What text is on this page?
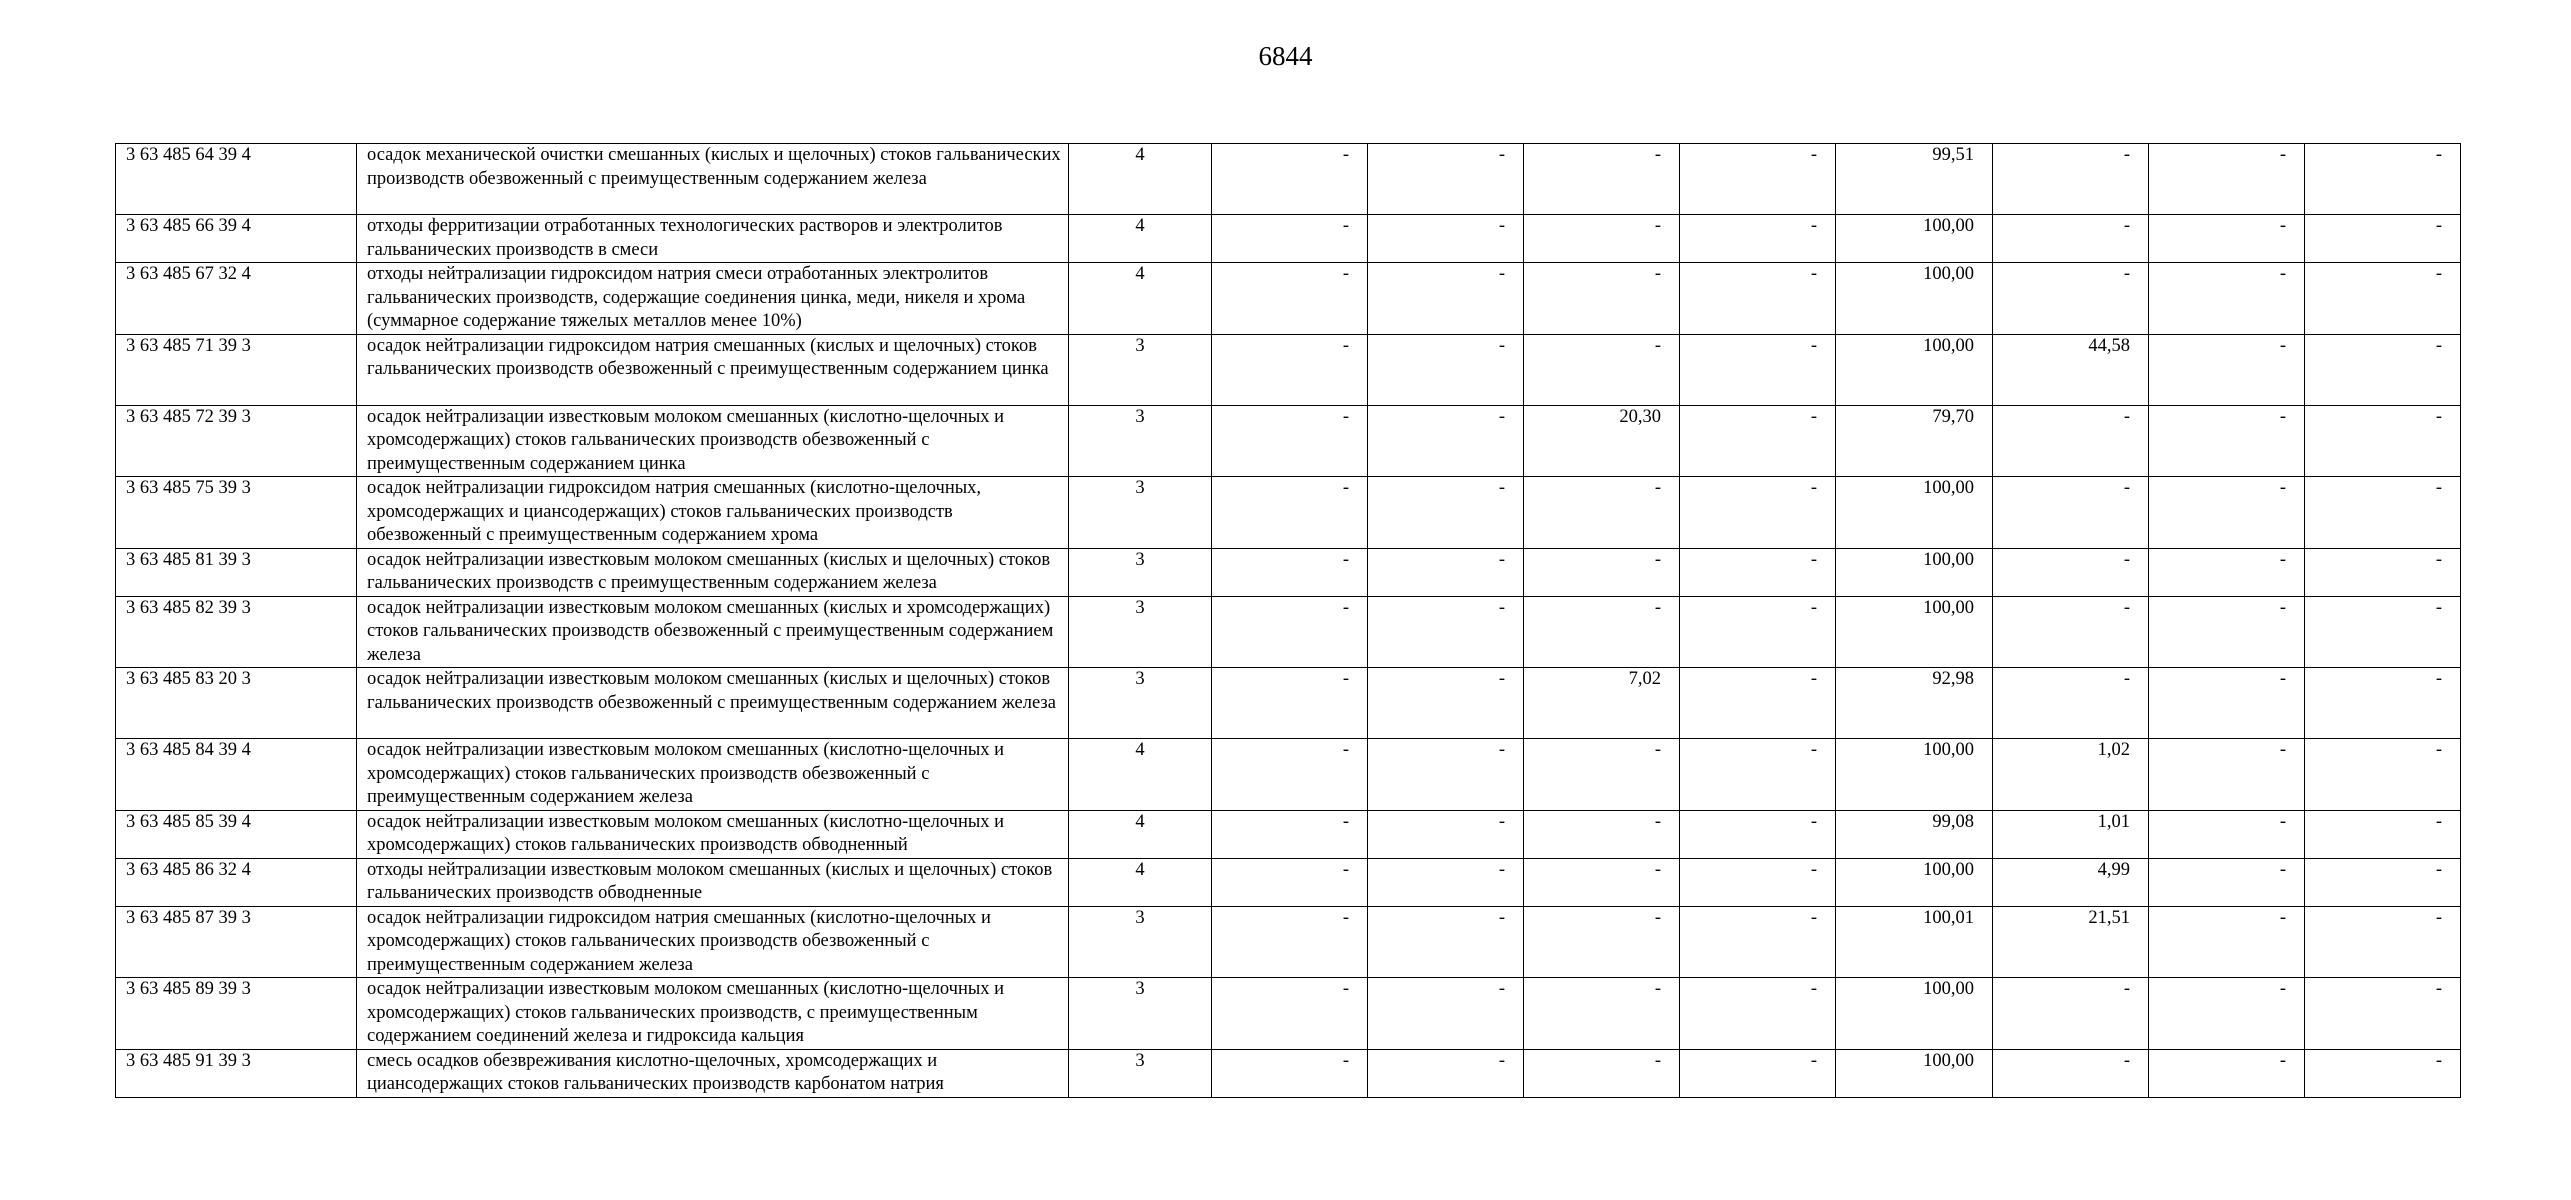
6844
3 63 485 64 39 4	осадок механической очистки смешанных (кислых и щелочных) стоков гальванических производств обезвоженный с преимущественным содержанием железа	4	-	-	-	-	99,51	-	-	-
3 63 485 66 39 4	отходы ферритизации отработанных технологических растворов и электролитов гальванических производств в смеси	4	-	-	-	-	100,00	-	-	-
3 63 485 67 32 4	отходы нейтрализации гидроксидом натрия смеси отработанных электролитов гальванических производств, содержащие соединения цинка, меди, никеля и хрома (суммарное содержание тяжелых металлов менее 10%)	4	-	-	-	-	100,00	-	-	-
3 63 485 71 39 3	осадок нейтрализации гидроксидом натрия смешанных (кислых и щелочных) стоков гальванических производств обезвоженный с преимущественным содержанием цинка	3	-	-	-	-	100,00	44,58	-	-
3 63 485 72 39 3	осадок нейтрализации известковым молоком смешанных (кислотно-щелочных и хромсодержащих) стоков гальванических производств обезвоженный с преимущественным содержанием цинка	3	-	-	20,30	-	79,70	-	-	-
3 63 485 75 39 3	осадок нейтрализации гидроксидом натрия смешанных (кислотно-щелочных, хромсодержащих и циансодержащих) стоков гальванических производств обезвоженный с преимущественным содержанием хрома	3	-	-	-	-	100,00	-	-	-
3 63 485 81 39 3	осадок нейтрализации известковым молоком смешанных (кислых и щелочных) стоков гальванических производств с преимущественным содержанием железа	3	-	-	-	-	100,00	-	-	-
3 63 485 82 39 3	осадок нейтрализации известковым молоком смешанных (кислых и хромсодержащих) стоков гальванических производств обезвоженный с преимущественным содержанием железа	3	-	-	-	-	100,00	-	-	-
3 63 485 83 20 3	осадок нейтрализации известковым молоком смешанных (кислых и щелочных) стоков гальванических производств обезвоженный с преимущественным содержанием железа	3	-	-	7,02	-	92,98	-	-	-
3 63 485 84 39 4	осадок нейтрализации известковым молоком смешанных (кислотно-щелочных и хромсодержащих) стоков гальванических производств обезвоженный с преимущественным содержанием железа	4	-	-	-	-	100,00	1,02	-	-
3 63 485 85 39 4	осадок нейтрализации известковым молоком смешанных (кислотно-щелочных и хромсодержащих) стоков гальванических производств обводненный	4	-	-	-	-	99,08	1,01	-	-
3 63 485 86 32 4	отходы нейтрализации известковым молоком смешанных (кислых и щелочных) стоков гальванических производств обводненные	4	-	-	-	-	100,00	4,99	-	-
3 63 485 87 39 3	осадок нейтрализации гидроксидом натрия смешанных (кислотно-щелочных и хромсодержащих) стоков гальванических производств обезвоженный с преимущественным содержанием железа	3	-	-	-	-	100,01	21,51	-	-
3 63 485 89 39 3	осадок нейтрализации известковым молоком смешанных (кислотно-щелочных и хромсодержащих) стоков гальванических производств, с преимущественным содержанием соединений железа и гидроксида кальция	3	-	-	-	-	100,00	-	-	-
3 63 485 91 39 3	смесь осадков обезвреживания кислотно-щелочных, хромсодержащих и циансодержащих стоков гальванических производств карбонатом натрия	3	-	-	-	-	100,00	-	-	-
